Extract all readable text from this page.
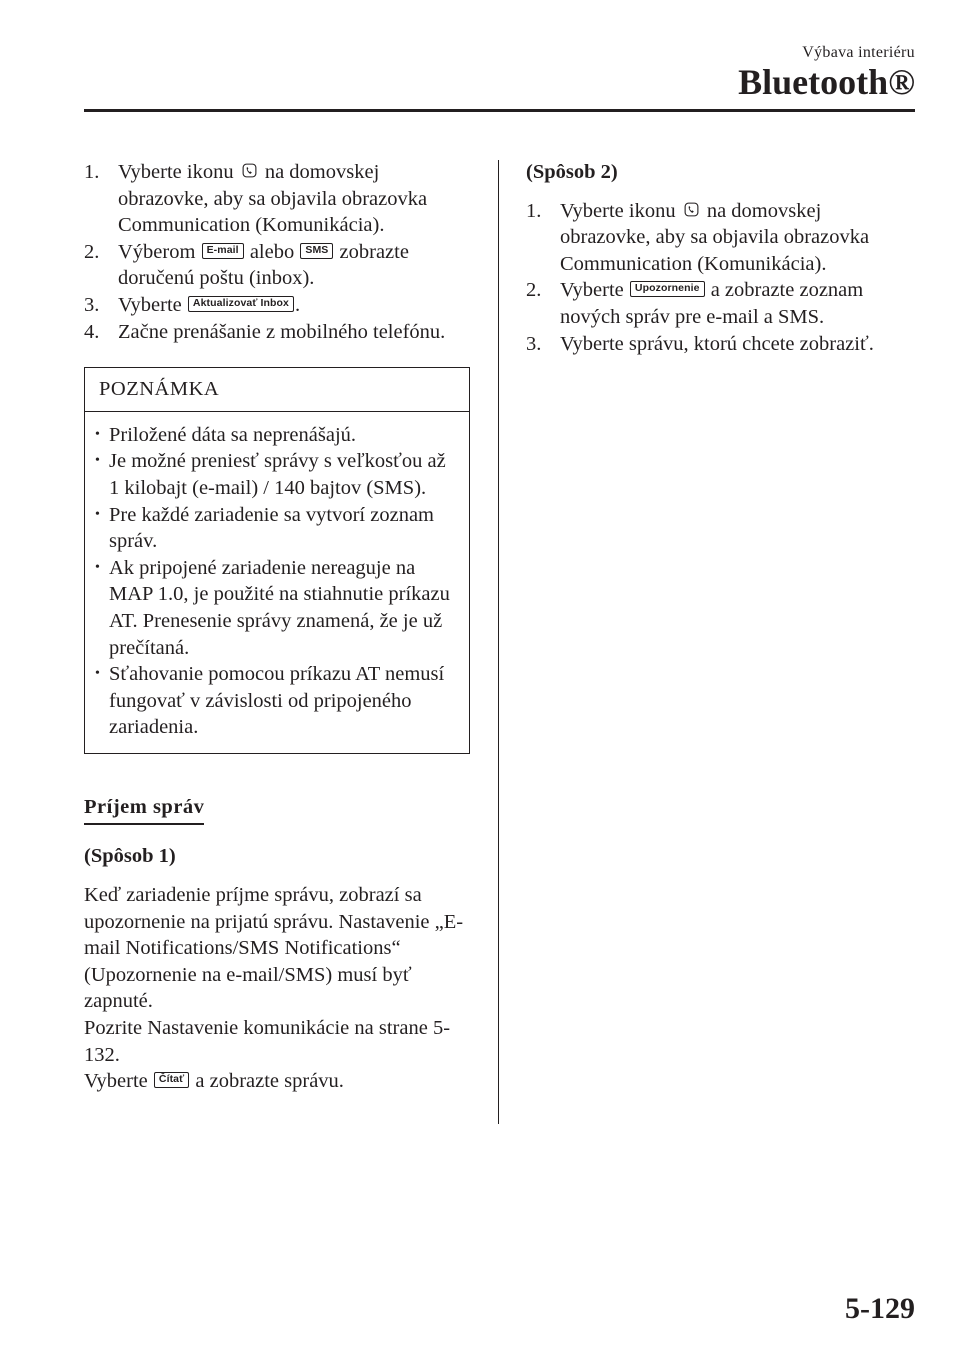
Výbava interiéru
Bluetooth®
1. Vyberte ikonu na domovskej obrazovke, aby sa objavila obrazovka Communication (Komunikácia).
2. Výberom E-mail alebo SMS zobrazte doručenú poštu (inbox).
3. Vyberte Aktualizovať Inbox .
4. Začne prenášanie z mobilného telefónu.
POZNÁMKA
• Priložené dáta sa neprenášajú.
• Je možné preniesť správy s veľkosťou až 1 kilobajt (e-mail) / 140 bajtov (SMS).
• Pre každé zariadenie sa vytvorí zoznam správ.
• Ak pripojené zariadenie nereaguje na MAP 1.0, je použité na stiahnutie príkazu AT. Prenesenie správy znamená, že je už prečítaná.
• Sťahovanie pomocou príkazu AT nemusí fungovať v závislosti od pripojeného zariadenia.
Príjem správ
(Spôsob 1)
Keď zariadenie príjme správu, zobrazí sa upozornenie na prijatú správu. Nastavenie „E-mail Notifications/SMS Notifications“ (Upozornenie na e-mail/SMS) musí byť zapnuté.
Pozrite Nastavenie komunikácie na strane 5-132.
Vyberte Čítať a zobrazte správu.
(Spôsob 2)
1. Vyberte ikonu na domovskej obrazovke, aby sa objavila obrazovka Communication (Komunikácia).
2. Vyberte Upozornenie a zobrazte zoznam nových správ pre e-mail a SMS.
3. Vyberte správu, ktorú chcete zobraziť.
5-129
